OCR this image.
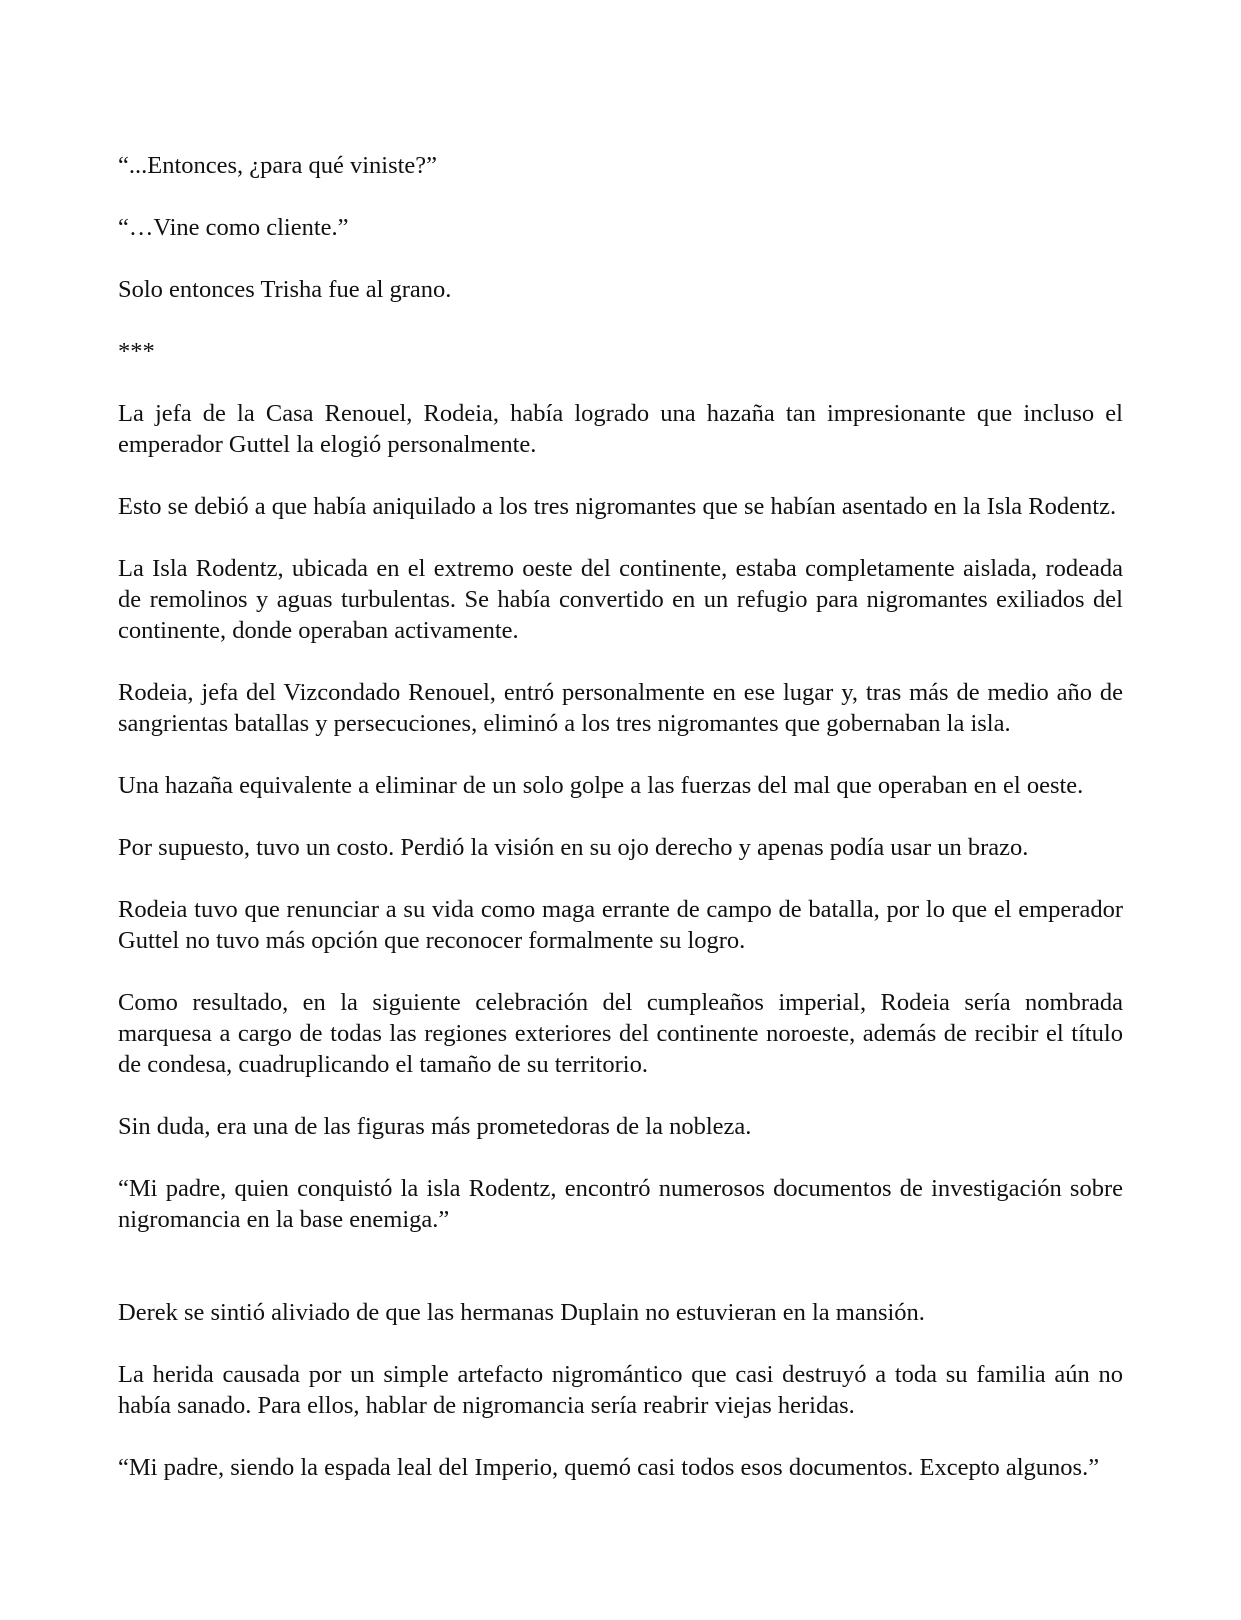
“...Entonces, ¿para qué viniste?”

“…Vine como cliente.”

Solo entonces Trisha fue al grano.

***

La jefa de la Casa Renouel, Rodeia, había logrado una hazaña tan impresionante que incluso el emperador Guttel la elogió personalmente.

Esto se debió a que había aniquilado a los tres nigromantes que se habían asentado en la Isla Rodentz.

La Isla Rodentz, ubicada en el extremo oeste del continente, estaba completamente aislada, rodeada de remolinos y aguas turbulentas. Se había convertido en un refugio para nigromantes exiliados del continente, donde operaban activamente.

Rodeia, jefa del Vizcondado Renouel, entró personalmente en ese lugar y, tras más de medio año de sangrientas batallas y persecuciones, eliminó a los tres nigromantes que gobernaban la isla.

Una hazaña equivalente a eliminar de un solo golpe a las fuerzas del mal que operaban en el oeste.

Por supuesto, tuvo un costo. Perdió la visión en su ojo derecho y apenas podía usar un brazo.

Rodeia tuvo que renunciar a su vida como maga errante de campo de batalla, por lo que el emperador Guttel no tuvo más opción que reconocer formalmente su logro.

Como resultado, en la siguiente celebración del cumpleaños imperial, Rodeia sería nombrada marquesa a cargo de todas las regiones exteriores del continente noroeste, además de recibir el título de condesa, cuadruplicando el tamaño de su territorio.

Sin duda, era una de las figuras más prometedoras de la nobleza.

“Mi padre, quien conquistó la isla Rodentz, encontró numerosos documentos de investigación sobre nigromancia en la base enemiga.”

Derek se sintió aliviado de que las hermanas Duplain no estuvieran en la mansión.

La herida causada por un simple artefacto nigromántico que casi destruyó a toda su familia aún no había sanado. Para ellos, hablar de nigromancia sería reabrir viejas heridas.

“Mi padre, siendo la espada leal del Imperio, quemó casi todos esos documentos. Excepto algunos.”
